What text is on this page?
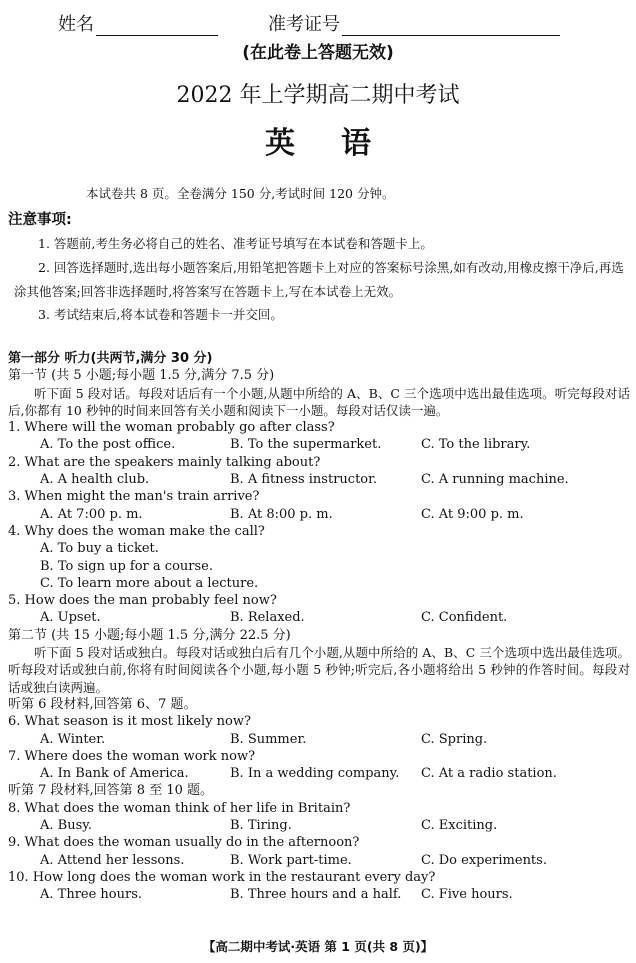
姓名	准考证号
(在此卷上答题无效)
2022 年上学期高二期中考试
英语
本试卷共 8 页。全卷满分 150 分,考试时间 120 分钟。
注意事项:
1. 答题前,考生务必将自己的姓名、准考证号填写在本试卷和答题卡上。
2. 回答选择题时,选出每小题答案后,用铅笔把答题卡上对应的答案标号涂黑,如有改动,用橡皮擦干净后,再选涂其他答案;回答非选择题时,将答案写在答题卡上,写在本试卷上无效。
3. 考试结束后,将本试卷和答题卡一并交回。
第一部分 听力(共两节,满分 30 分)
第一节 (共 5 小题;每小题 1.5 分,满分 7.5 分)
听下面 5 段对话。每段对话后有一个小题,从题中所给的 A、B、C 三个选项中选出最佳选项。听完每段对话后,你都有 10 秒钟的时间来回答有关小题和阅读下一小题。每段对话仅读一遍。
1. Where will the woman probably go after class?
A. To the post office.	B. To the supermarket.	C. To the library.
2. What are the speakers mainly talking about?
A. A health club.	B. A fitness instructor.	C. A running machine.
3. When might the man's train arrive?
A. At 7:00 p. m.	B. At 8:00 p. m.	C. At 9:00 p. m.
4. Why does the woman make the call?
A. To buy a ticket.
B. To sign up for a course.
C. To learn more about a lecture.
5. How does the man probably feel now?
A. Upset.	B. Relaxed.	C. Confident.
第二节 (共 15 小题;每小题 1.5 分,满分 22.5 分)
听下面 5 段对话或独白。每段对话或独白后有几个小题,从题中所给的 A、B、C 三个选项中选出最佳选项。听每段对话或独白前,你将有时间阅读各个小题,每小题 5 秒钟;听完后,各小题将给出 5 秒钟的作答时间。每段对话或独白读两遍。
听第 6 段材料,回答第 6、7 题。
6. What season is it most likely now?
A. Winter.	B. Summer.	C. Spring.
7. Where does the woman work now?
A. In Bank of America.	B. In a wedding company.	C. At a radio station.
听第 7 段材料,回答第 8 至 10 题。
8. What does the woman think of her life in Britain?
A. Busy.	B. Tiring.	C. Exciting.
9. What does the woman usually do in the afternoon?
A. Attend her lessons.	B. Work part-time.	C. Do experiments.
10. How long does the woman work in the restaurant every day?
A. Three hours.	B. Three hours and a half.	C. Five hours.
【高二期中考试·英语 第 1 页(共 8 页)】
